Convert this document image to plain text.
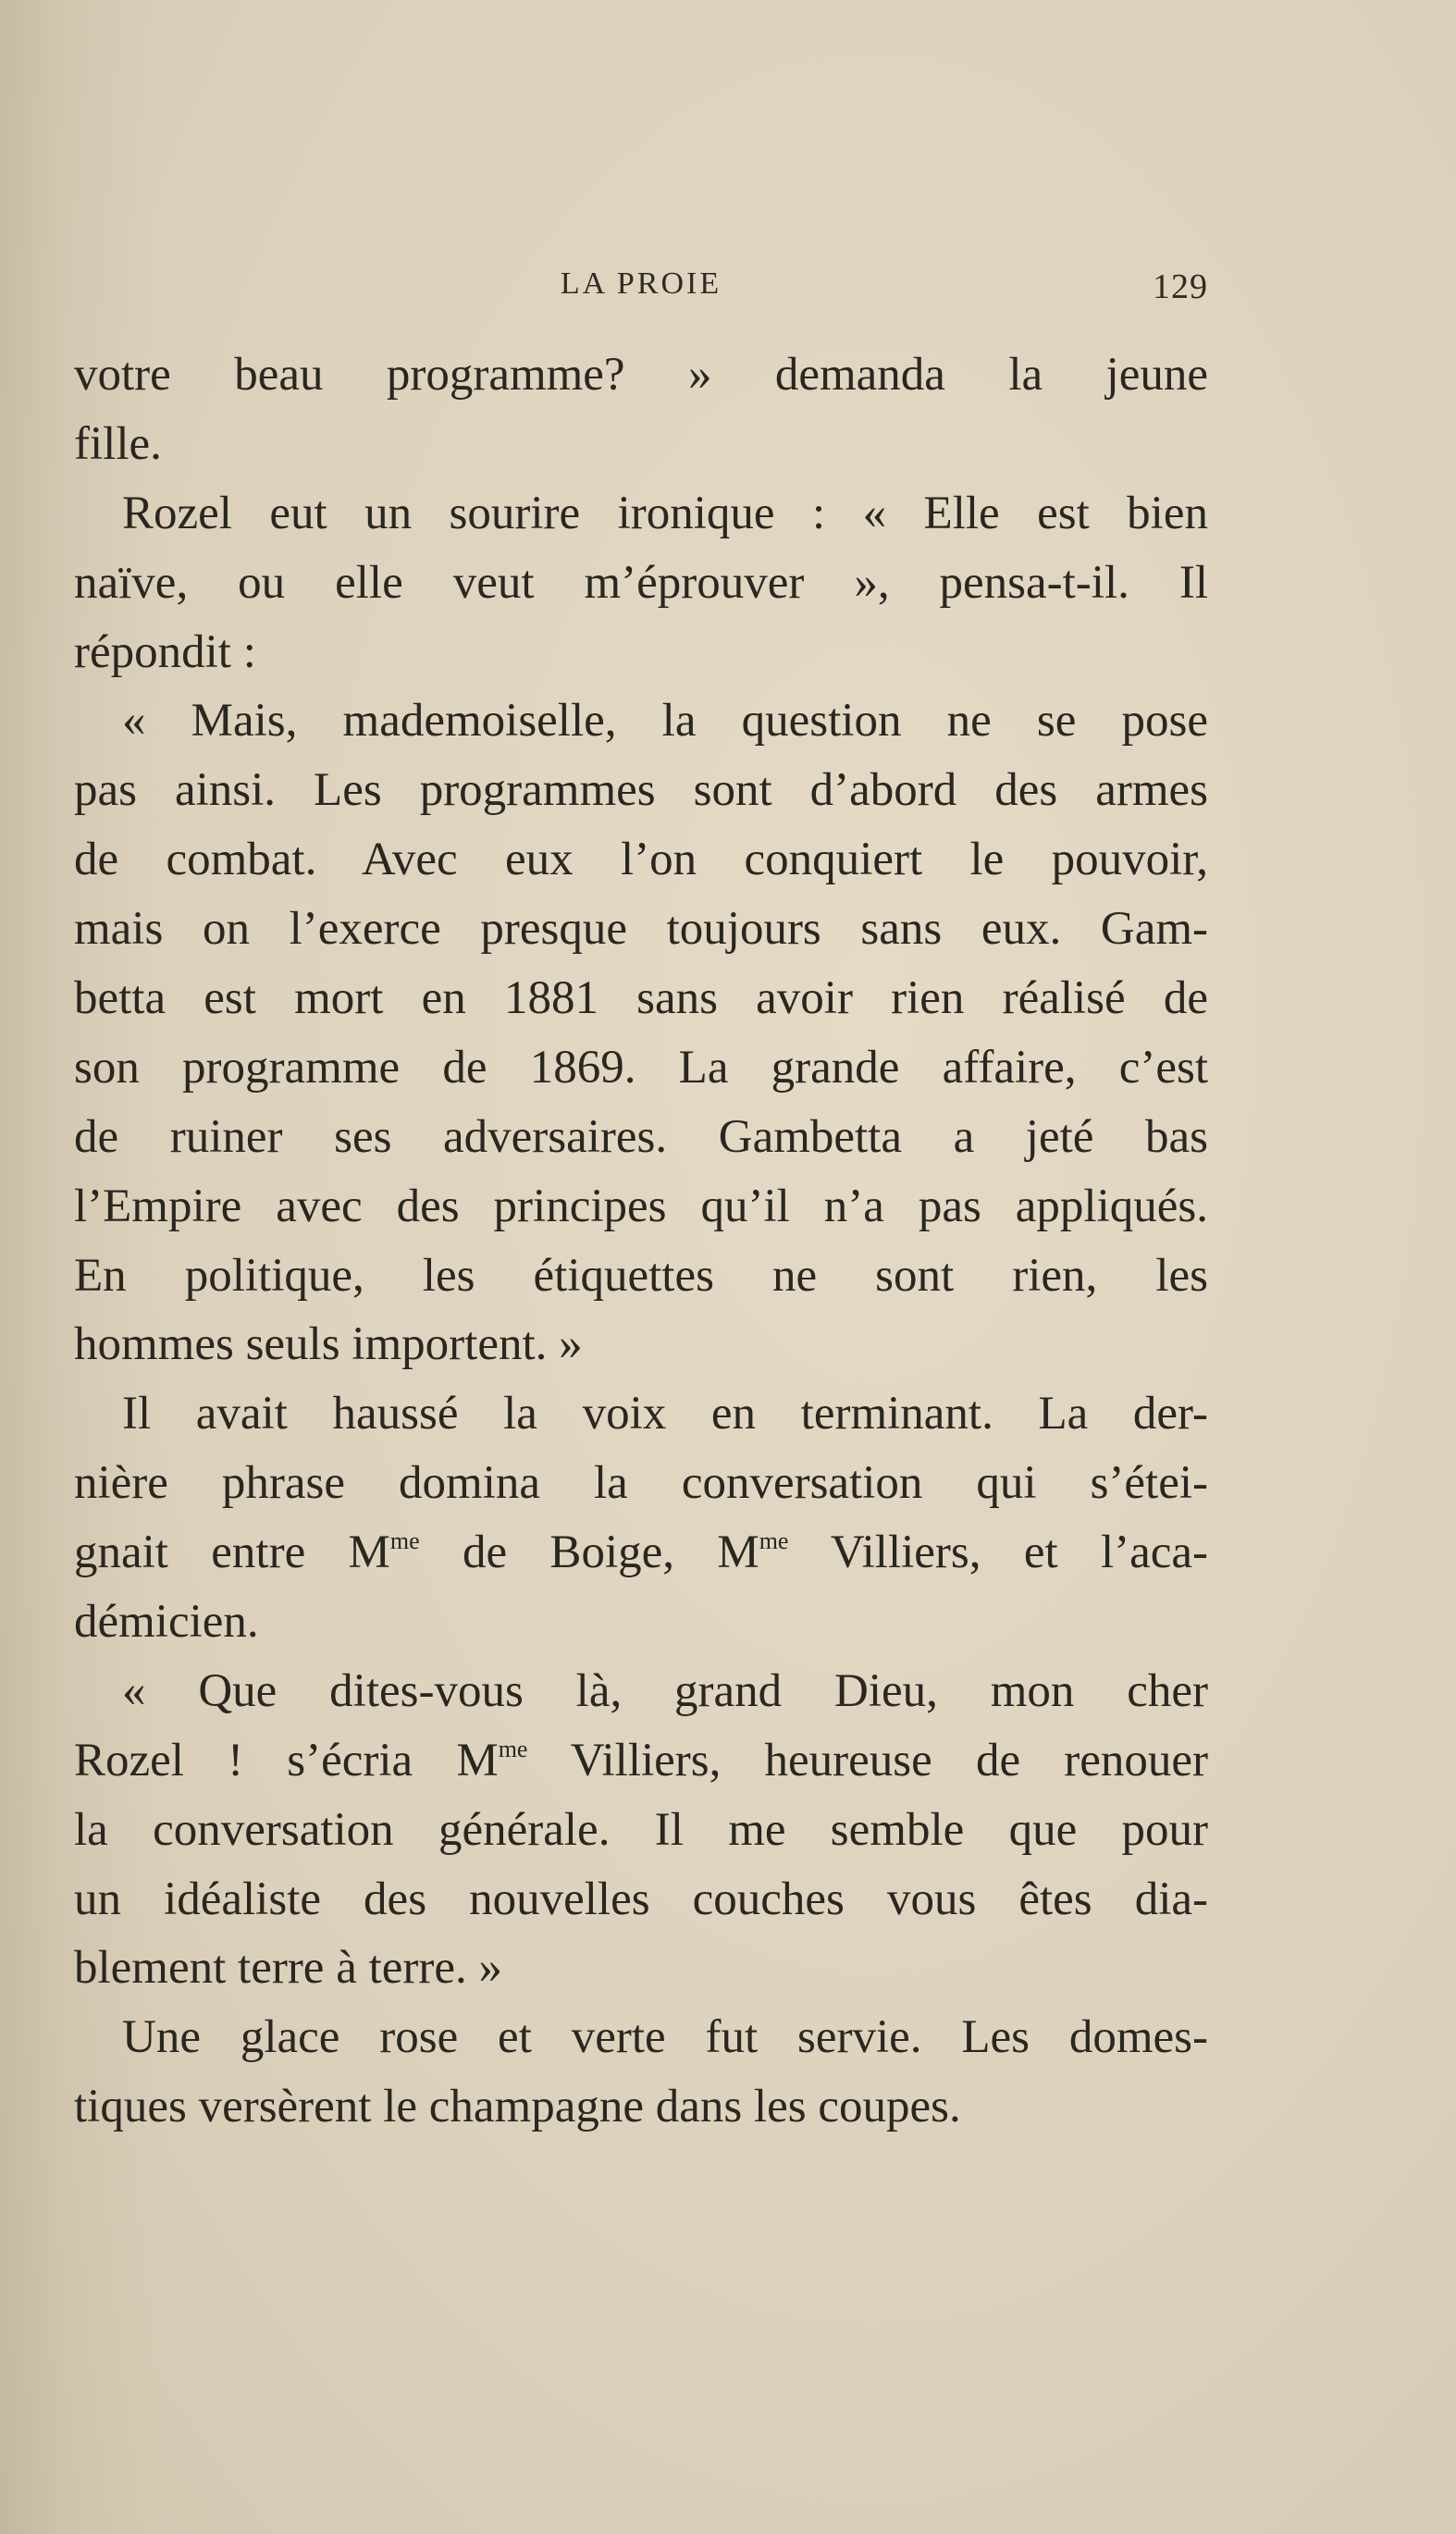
LA PROIE	129
votre beau programme? » demanda la jeune
fille.
Rozel eut un sourire ironique : « Elle est bien
naïve, ou elle veut m’éprouver », pensa-t-il. Il
répondit :
« Mais, mademoiselle, la question ne se pose
pas ainsi. Les programmes sont d’abord des armes
de combat. Avec eux l’on conquiert le pouvoir,
mais on l’exerce presque toujours sans eux. Gam-
betta est mort en 1881 sans avoir rien réalisé de
son programme de 1869. La grande affaire, c’est
de ruiner ses adversaires. Gambetta a jeté bas
l’Empire avec des principes qu’il n’a pas appliqués.
En politique, les étiquettes ne sont rien, les
hommes seuls importent. »
Il avait haussé la voix en terminant. La der-
nière phrase domina la conversation qui s’étei-
gnait entre $M^{me}$ de Boige, $M^{me}$ Villiers, et l’aca-
démicien.
« Que dites-vous là, grand Dieu, mon cher
Rozel ! s’écria $M^{me}$ Villiers, heureuse de renouer
la conversation générale. Il me semble que pour
un idéaliste des nouvelles couches vous êtes dia-
blement terre à terre. »
Une glace rose et verte fut servie. Les domes-
tiques versèrent le champagne dans les coupes.
